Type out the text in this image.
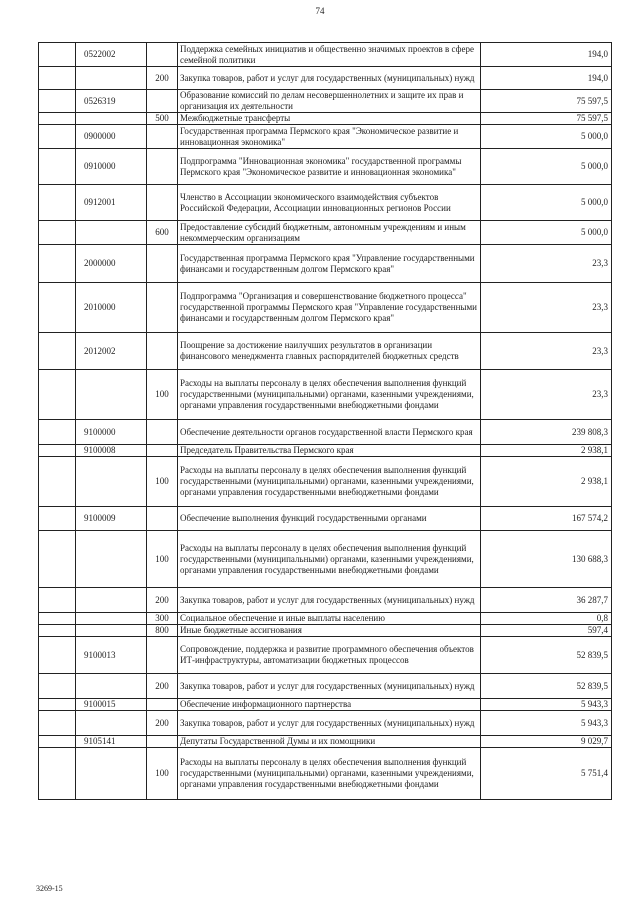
74
	0522002		Поддержка семейных инициатив и общественно значимых проектов в сфере семейной политики	194,0
		200	Закупка товаров, работ и услуг для государственных (муниципальных) нужд	194,0
	0526319		Образование комиссий по делам несовершеннолетних и защите их прав и организация их деятельности	75 597,5
		500	Межбюджетные трансферты	75 597,5
	0900000		Государственная программа Пермского края "Экономическое развитие и инновационная экономика"	5 000,0
	0910000		Подпрограмма "Инновационная экономика" государственной программы Пермского края "Экономическое развитие и инновационная экономика"	5 000,0
	0912001		Членство в Ассоциации экономического взаимодействия субъектов Российской Федерации, Ассоциации инновационных регионов России	5 000,0
		600	Предоставление субсидий бюджетным, автономным учреждениям и иным некоммерческим организациям	5 000,0
	2000000		Государственная программа Пермского края "Управление государственными финансами и государственным долгом Пермского края"	23,3
	2010000		Подпрограмма "Организация и совершенствование бюджетного процесса" государственной программы Пермского края "Управление государственными финансами и государственным долгом Пермского края"	23,3
	2012002		Поощрение за достижение наилучших результатов в организации финансового менеджмента главных распорядителей бюджетных средств	23,3
		100	Расходы на выплаты персоналу в целях обеспечения выполнения функций государственными (муниципальными) органами, казенными учреждениями, органами управления государственными внебюджетными фондами	23,3
	9100000		Обеспечение деятельности органов государственной власти Пермского края	239 808,3
	9100008		Председатель Правительства Пермского края	2 938,1
		100	Расходы на выплаты персоналу в целях обеспечения выполнения функций государственными (муниципальными) органами, казенными учреждениями, органами управления государственными внебюджетными фондами	2 938,1
	9100009		Обеспечение выполнения функций государственными органами	167 574,2
		100	Расходы на выплаты персоналу в целях обеспечения выполнения функций государственными (муниципальными) органами, казенными учреждениями, органами управления государственными внебюджетными фондами	130 688,3
		200	Закупка товаров, работ и услуг для государственных (муниципальных) нужд	36 287,7
		300	Социальное обеспечение и иные выплаты населению	0,8
		800	Иные бюджетные ассигнования	597,4
	9100013		Сопровождение, поддержка и развитие программного обеспечения объектов ИТ-инфраструктуры, автоматизации бюджетных процессов	52 839,5
		200	Закупка товаров, работ и услуг для государственных (муниципальных) нужд	52 839,5
	9100015		Обеспечение информационного партнерства	5 943,3
		200	Закупка товаров, работ и услуг для государственных (муниципальных) нужд	5 943,3
	9105141		Депутаты Государственной Думы и их помощники	9 029,7
		100	Расходы на выплаты персоналу в целях обеспечения выполнения функций государственными (муниципальными) органами, казенными учреждениями, органами управления государственными внебюджетными фондами	5 751,4
3269-15
